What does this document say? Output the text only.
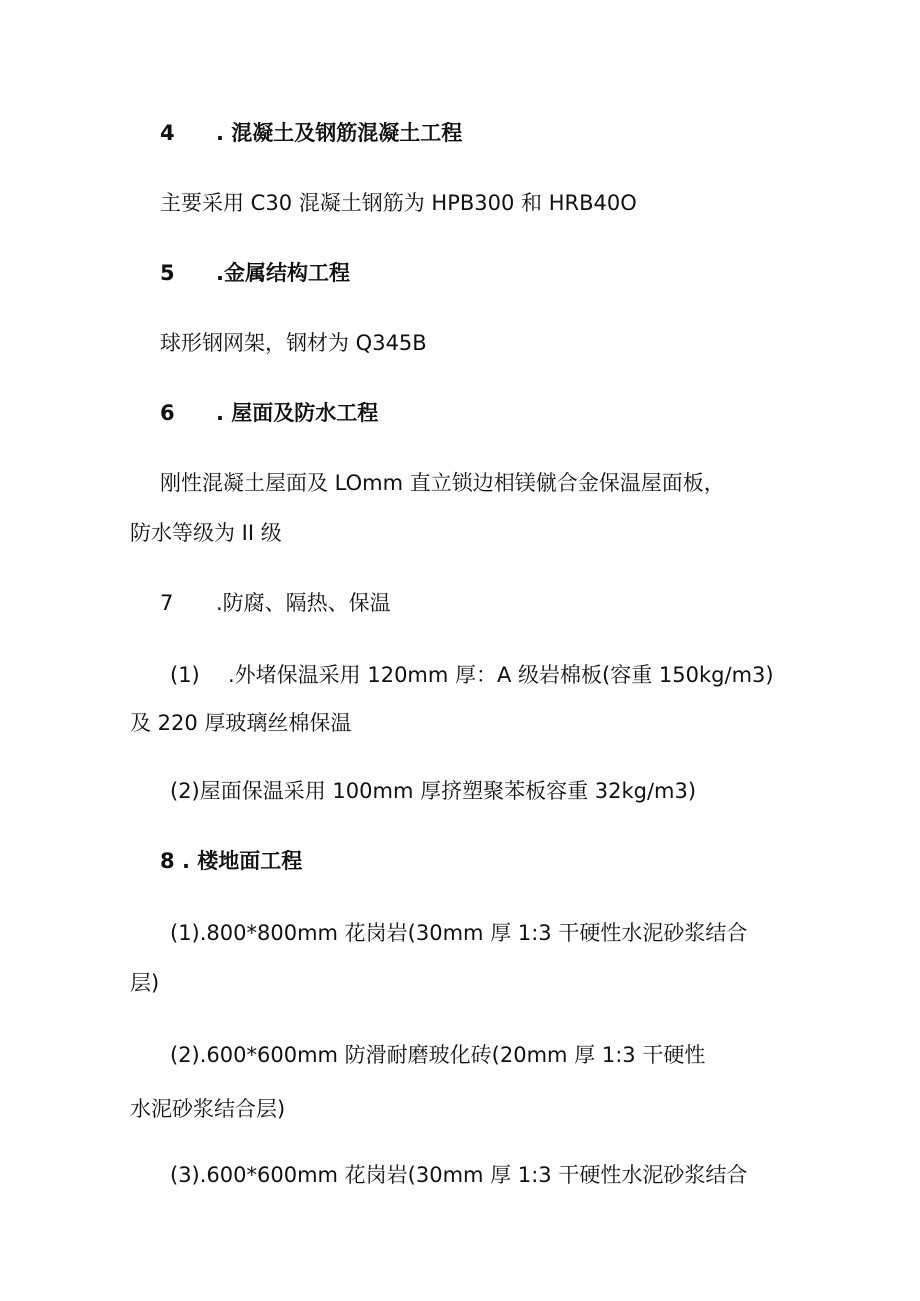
4 . 混凝土及钢筋混凝土工程
主要采用 C30 混凝土钢筋为 HPB300 和 HRB40O
5 .金属结构工程
球形钢网架，钢材为 Q345B
6 . 屋面及防水工程
刚性混凝土屋面及 LOmm 直立锁边相镁僦合金保温屋面板，
防水等级为 II 级
7 .防腐、隔热、保温
(1) .外堵保温采用 120mm 厚：A 级岩棉板(容重 150kg∕m3)
及 220 厚玻璃丝棉保温
(2)屋面保温采用 100mm 厚挤塑聚苯板容重 32kg∕m3)
8 . 楼地面工程
(1).800*800mm 花岗岩(30mm 厚 1:3 干硬性水泥砂浆结合
层)
(2).600*600mm 防滑耐磨玻化砖(20mm 厚 1:3 干硬性
水泥砂浆结合层)
(3).600*600mm 花岗岩(30mm 厚 1:3 干硬性水泥砂浆结合
